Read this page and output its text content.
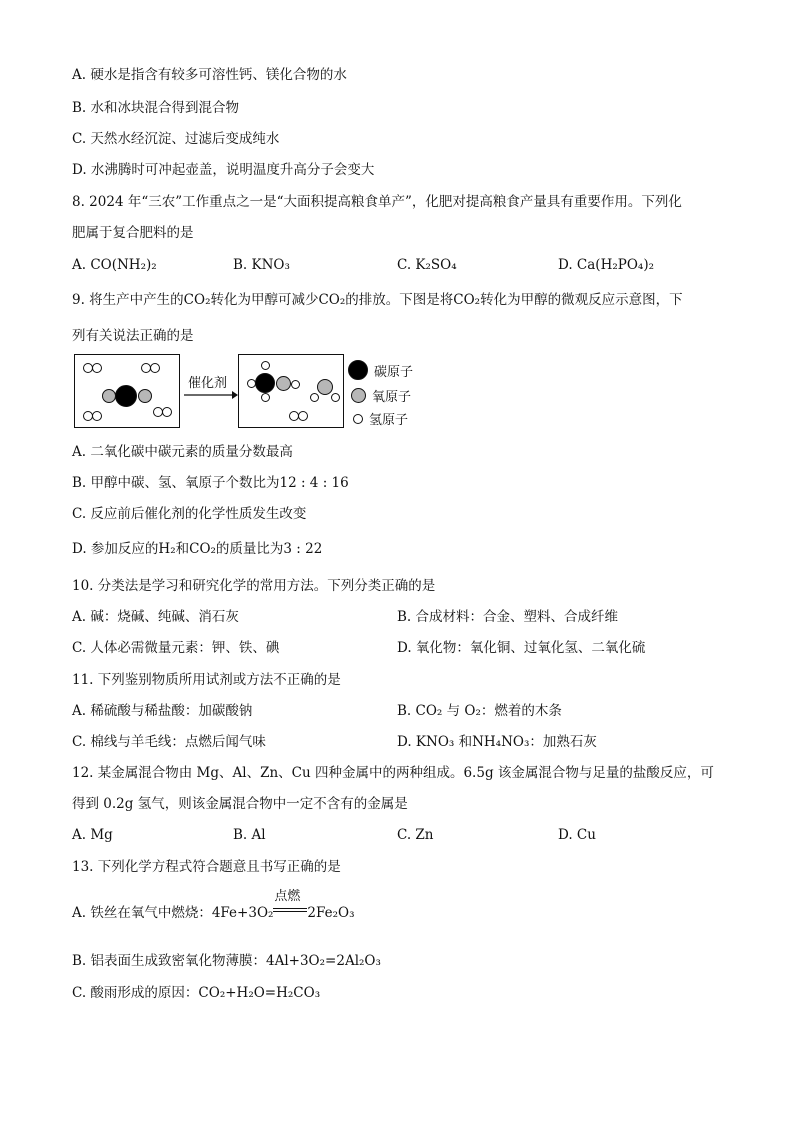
A. 硬水是指含有较多可溶性钙、镁化合物的水
B. 水和冰块混合得到混合物
C. 天然水经沉淀、过滤后变成纯水
D. 水沸腾时可冲起壶盖，说明温度升高分子会变大
8. 2024 年“三农”工作重点之一是“大面积提高粮食单产”，化肥对提高粮食产量具有重要作用。下列化
肥属于复合肥料的是
A. CO(NH₂)₂	B. KNO₃	C. K₂SO₄	D. Ca(H₂PO₄)₂
9. 将生产中产生的CO₂转化为甲醇可减少CO₂的排放。下图是将CO₂转化为甲醇的微观反应示意图，下
列有关说法正确的是
催化剂
碳原子
氧原子
氢原子
A. 二氧化碳中碳元素的质量分数最高
B. 甲醇中碳、氢、氧原子个数比为12 : 4 : 16
C. 反应前后催化剂的化学性质发生改变
D. 参加反应的H₂和CO₂的质量比为3 : 22
10. 分类法是学习和研究化学的常用方法。下列分类正确的是
A. 碱：烧碱、纯碱、消石灰	B. 合成材料：合金、塑料、合成纤维
C. 人体必需微量元素：钾、铁、碘	D. 氧化物：氧化铜、过氧化氢、二氧化硫
11. 下列鉴别物质所用试剂或方法不正确的是
A. 稀硫酸与稀盐酸：加碳酸钠	B. CO₂ 与 O₂：燃着的木条
C. 棉线与羊毛线：点燃后闻气味	D. KNO₃ 和NH₄NO₃：加熟石灰
12. 某金属混合物由 Mg、Al、Zn、Cu 四种金属中的两种组成。6.5g 该金属混合物与足量的盐酸反应，可
得到 0.2g 氢气，则该金属混合物中一定不含有的金属是
A. Mg	B. Al	C. Zn	D. Cu
13. 下列化学方程式符合题意且书写正确的是
A. 铁丝在氧气中燃烧：4Fe+3O₂
点燃
2Fe₂O₃
B. 铝表面生成致密氧化物薄膜：4Al+3O₂=2Al₂O₃
C. 酸雨形成的原因：CO₂+H₂O=H₂CO₃
